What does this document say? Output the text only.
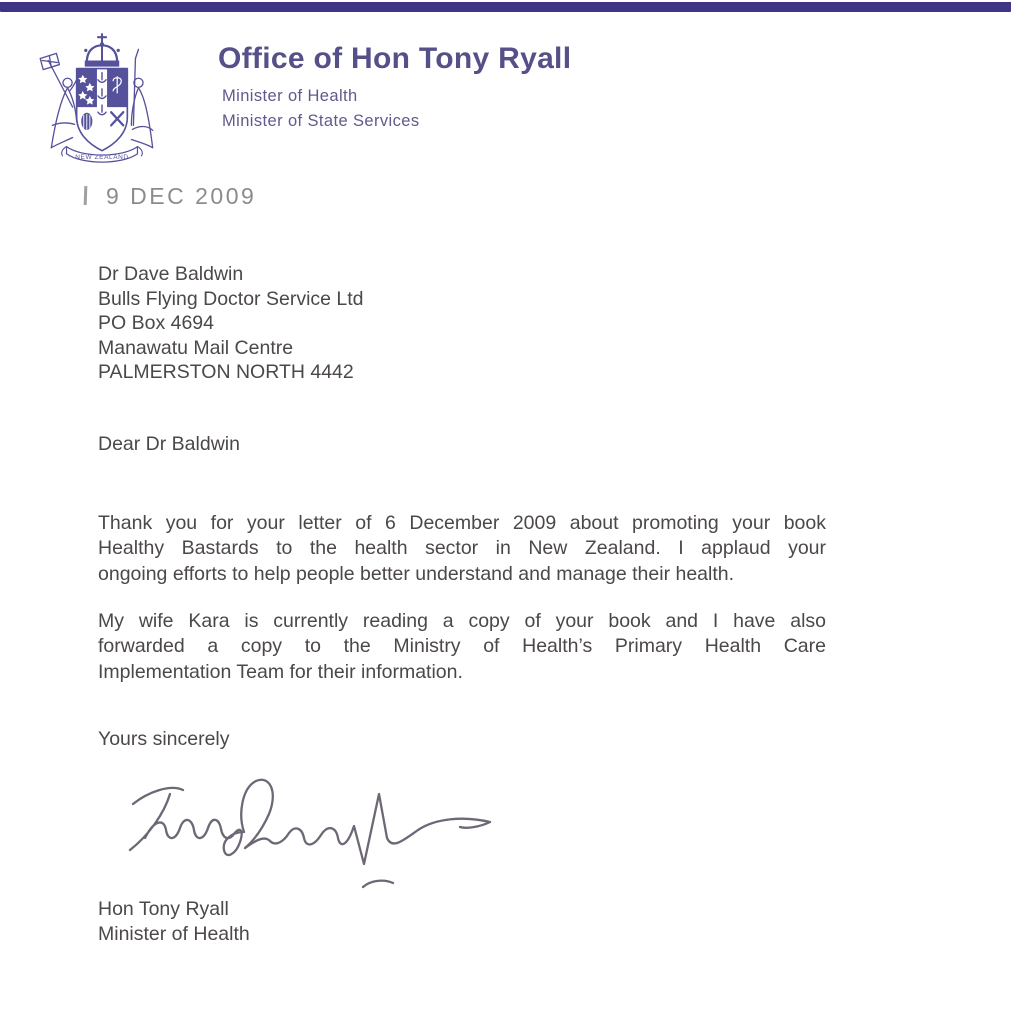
NEW ZEALAND
Office of Hon Tony Ryall
Minister of Health
Minister of State Services
9 DEC 2009
Dr Dave Baldwin
Bulls Flying Doctor Service Ltd
PO Box 4694
Manawatu Mail Centre
PALMERSTON NORTH 4442
Dear Dr Baldwin
Thank you for your letter of 6 December 2009 about promoting your book
Healthy Bastards to the health sector in New Zealand. I applaud your
ongoing efforts to help people better understand and manage their health.
My wife Kara is currently reading a copy of your book and I have also
forwarded a copy to the Ministry of Health’s Primary Health Care
Implementation Team for their information.
Yours sincerely
Hon Tony Ryall
Minister of Health
